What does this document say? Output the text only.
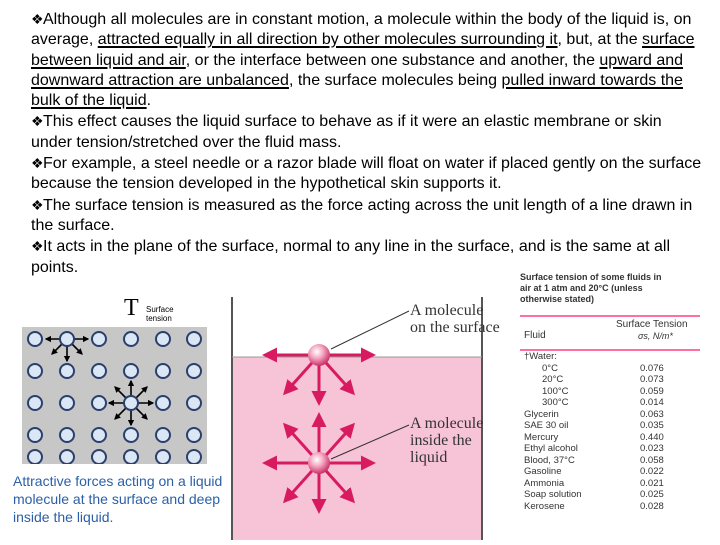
❖Although all molecules are in constant motion, a molecule within the body of the liquid is, on average, attracted equally in all direction by other molecules surrounding it, but, at the surface between liquid and air, or the interface between one substance and another, the upward and downward attraction are unbalanced, the surface molecules being pulled inward towards the bulk of the liquid.

❖This effect causes the liquid surface to behave as if it were an elastic membrane or skin under tension/stretched over the fluid mass.

❖For example, a steel needle or a razor blade will float on water if placed gently on the surface because the tension developed in the hypothetical skin supports it.

❖The surface tension is measured as the force acting across the unit length of a line drawn in the surface.

❖It acts in the plane of the surface, normal to any line in the surface, and is the same at all points.

T Surface
tension
Attractive forces acting on a liquid molecule at the surface and deep inside the liquid.
A molecule
on the surface
A molecule
inside the
liquid
Surface tension of some fluids in
air at 1 atm and 20°C (unless
otherwise stated)
Fluid
Surface Tension
σs, N/m*
†Water:
0°C	0.076
20°C	0.073
100°C	0.059
300°C	0.014
Glycerin	0.063
SAE 30 oil	0.035
Mercury	0.440
Ethyl alcohol	0.023
Blood, 37°C	0.058
Gasoline	0.022
Ammonia	0.021
Soap solution	0.025
Kerosene	0.028
